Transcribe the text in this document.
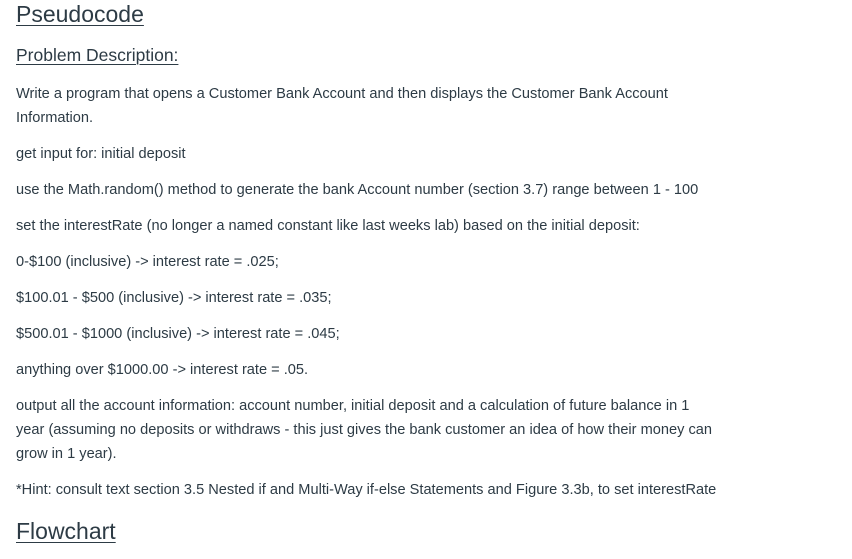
Pseudocode
Problem Description:

Write a program that opens a Customer Bank Account and then displays the Customer Bank Account

Information.

get input for: initial deposit

use the Math.random() method to generate the bank Account number (section 3.7) range between 1 - 100

set the interestRate (no longer a named constant like last weeks lab) based on the initial deposit:

0-$100 (inclusive) -> interest rate = .025;

$100.01 - $500 (inclusive) -> interest rate = .035;

$500.01 - $1000 (inclusive) -> interest rate = .045;

anything over $1000.00 -> interest rate = .05.

output all the account information: account number, initial deposit and a calculation of future balance in 1

year (assuming no deposits or withdraws - this just gives the bank customer an idea of how their money can

grow in 1 year).

*Hint: consult text section 3.5 Nested if and Multi-Way if-else Statements and Figure 3.3b, to set interestRate

Flowchart
